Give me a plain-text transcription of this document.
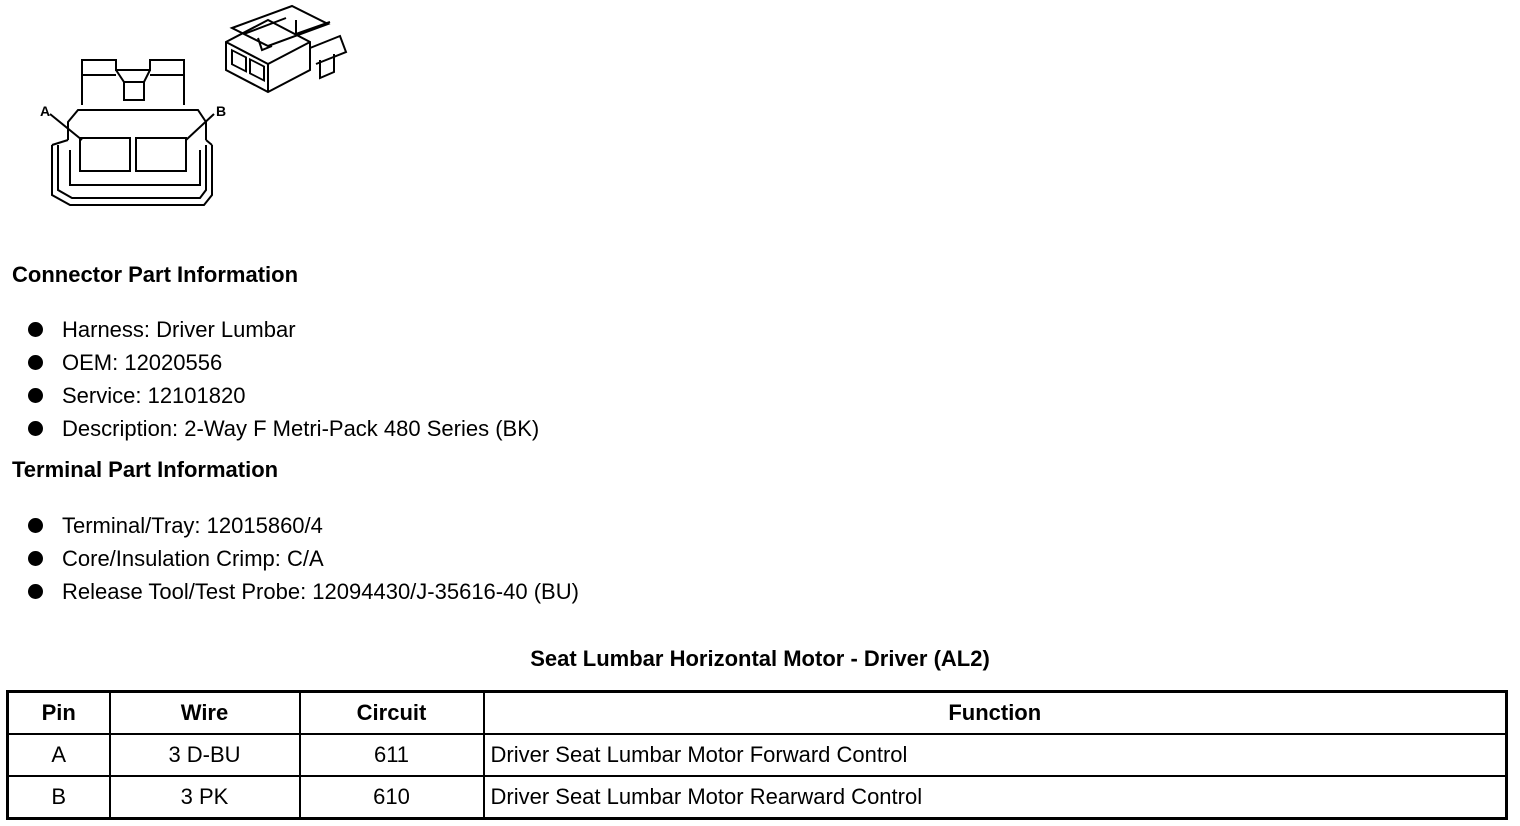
A	B
Connector Part Information
Harness: Driver Lumbar
OEM: 12020556
Service: 12101820
Description: 2-Way F Metri-Pack 480 Series (BK)
Terminal Part Information
Terminal/Tray: 12015860/4
Core/Insulation Crimp: C/A
Release Tool/Test Probe: 12094430/J-35616-40 (BU)
Seat Lumbar Horizontal Motor - Driver (AL2)
Pin	Wire	Circuit	Function
A	3 D-BU	611	Driver Seat Lumbar Motor Forward Control
B	3 PK	610	Driver Seat Lumbar Motor Rearward Control
